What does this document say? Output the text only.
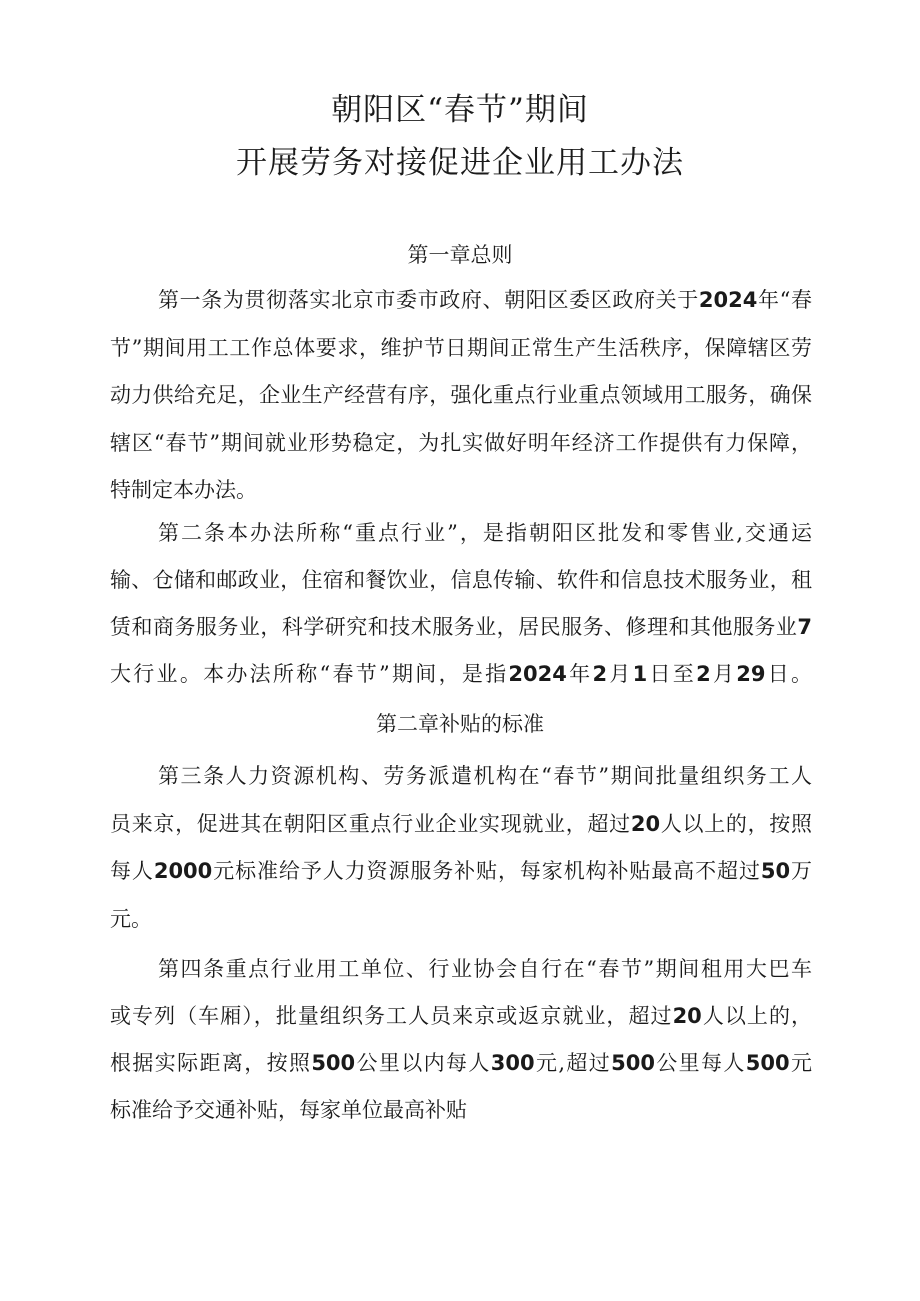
朝阳区“春节”期间
开展劳务对接促进企业用工办法
第一章总则
第一条为贯彻落实北京市委市政府、朝阳区委区政府关于2024年“春
节”期间用工工作总体要求，维护节日期间正常生产生活秩序，保障辖区劳
动力供给充足，企业生产经营有序，强化重点行业重点领域用工服务，确保
辖区“春节”期间就业形势稳定，为扎实做好明年经济工作提供有力保障，
特制定本办法。
第二条本办法所称“重点行业”，是指朝阳区批发和零售业,交通运
输、仓储和邮政业，住宿和餐饮业，信息传输、软件和信息技术服务业，租
赁和商务服务业，科学研究和技术服务业，居民服务、修理和其他服务业7
大行业。本办法所称“春节”期间，是指2024年2月1日至2月29日。
第二章补贴的标准
第三条人力资源机构、劳务派遣机构在“春节”期间批量组织务工人
员来京，促进其在朝阳区重点行业企业实现就业，超过20人以上的，按照
每人2000元标准给予人力资源服务补贴，每家机构补贴最高不超过50万
元。
第四条重点行业用工单位、行业协会自行在“春节”期间租用大巴车
或专列（车厢），批量组织务工人员来京或返京就业，超过20人以上的，
根据实际距离，按照500公里以内每人300元,超过500公里每人500元
标准给予交通补贴，每家单位最高补贴
